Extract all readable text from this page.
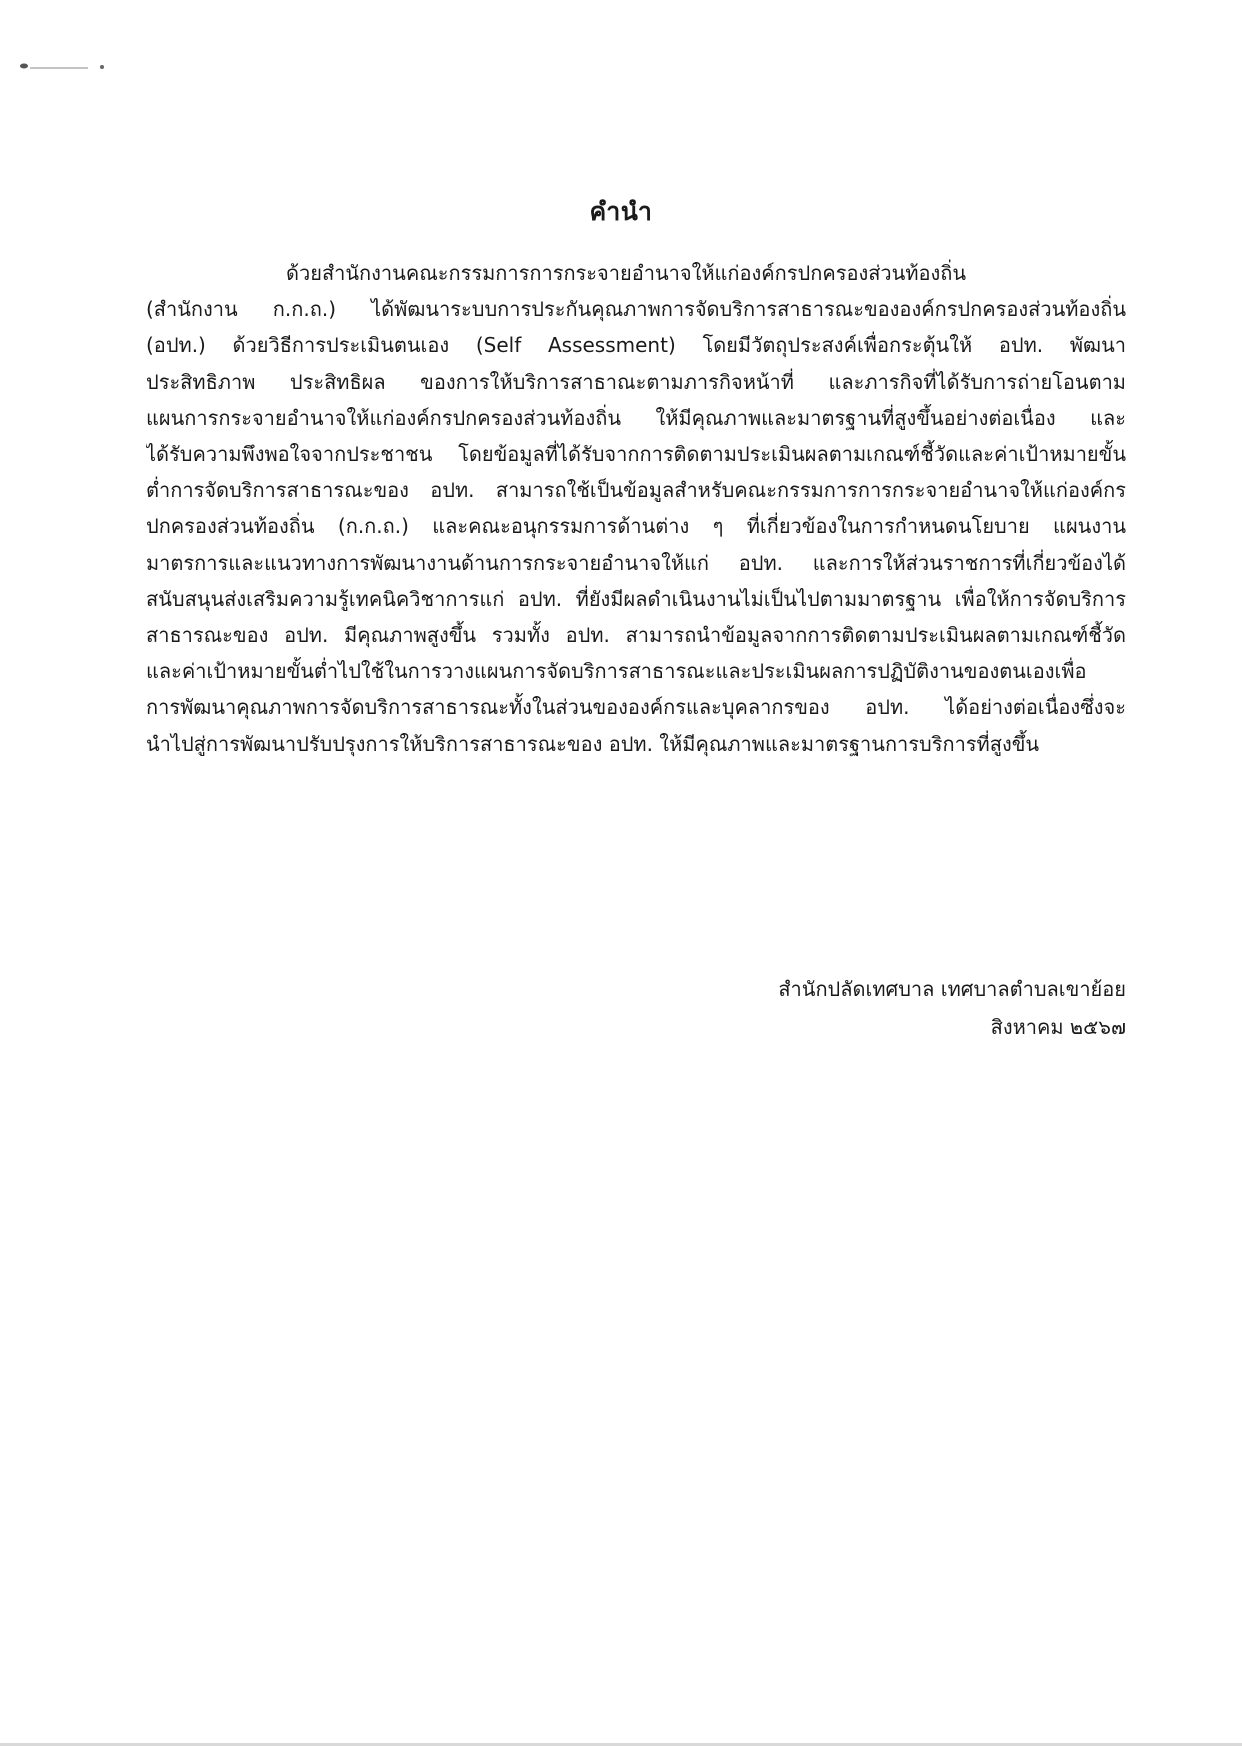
คำนำ
ด้วยสำนักงานคณะกรรมการการกระจายอำนาจให้แก่องค์กรปกครองส่วนท้องถิ่น
(สำนักงาน ก.ก.ถ.) ได้พัฒนาระบบการประกันคุณภาพการจัดบริการสาธารณะขององค์กรปกครองส่วนท้องถิ่น
(อปท.) ด้วยวิธีการประเมินตนเอง (Self Assessment) โดยมีวัตถุประสงค์เพื่อกระตุ้นให้ อปท. พัฒนา
ประสิทธิภาพ ประสิทธิผล ของการให้บริการสาธาณะตามภารกิจหน้าที่ และภารกิจที่ได้รับการถ่ายโอนตาม
แผนการกระจายอำนาจให้แก่องค์กรปกครองส่วนท้องถิ่น ให้มีคุณภาพและมาตรฐานที่สูงขึ้นอย่างต่อเนื่อง และ
ได้รับความพึงพอใจจากประชาชน โดยข้อมูลที่ได้รับจากการติดตามประเมินผลตามเกณฑ์ชี้วัดและค่าเป้าหมายขั้น
ต่ำการจัดบริการสาธารณะของ อปท. สามารถใช้เป็นข้อมูลสำหรับคณะกรรมการการกระจายอำนาจให้แก่องค์กร
ปกครองส่วนท้องถิ่น (ก.ก.ถ.) และคณะอนุกรรมการด้านต่าง ๆ ที่เกี่ยวข้องในการกำหนดนโยบาย แผนงาน
มาตรการและแนวทางการพัฒนางานด้านการกระจายอำนาจให้แก่ อปท. และการให้ส่วนราชการที่เกี่ยวข้องได้
สนับสนุนส่งเสริมความรู้เทคนิควิชาการแก่ อปท. ที่ยังมีผลดำเนินงานไม่เป็นไปตามมาตรฐาน เพื่อให้การจัดบริการ
สาธารณะของ อปท. มีคุณภาพสูงขึ้น รวมทั้ง อปท. สามารถนำข้อมูลจากการติดตามประเมินผลตามเกณฑ์ชี้วัด
และค่าเป้าหมายขั้นต่ำไปใช้ในการวางแผนการจัดบริการสาธารณะและประเมินผลการปฏิบัติงานของตนเองเพื่อ
การพัฒนาคุณภาพการจัดบริการสาธารณะทั้งในส่วนขององค์กรและบุคลากรของ อปท. ได้อย่างต่อเนื่องซึ่งจะ
นำไปสู่การพัฒนาปรับปรุงการให้บริการสาธารณะของ อปท. ให้มีคุณภาพและมาตรฐานการบริการที่สูงขึ้น
สำนักปลัดเทศบาล เทศบาลตำบลเขาย้อย
สิงหาคม ๒๕๖๗
